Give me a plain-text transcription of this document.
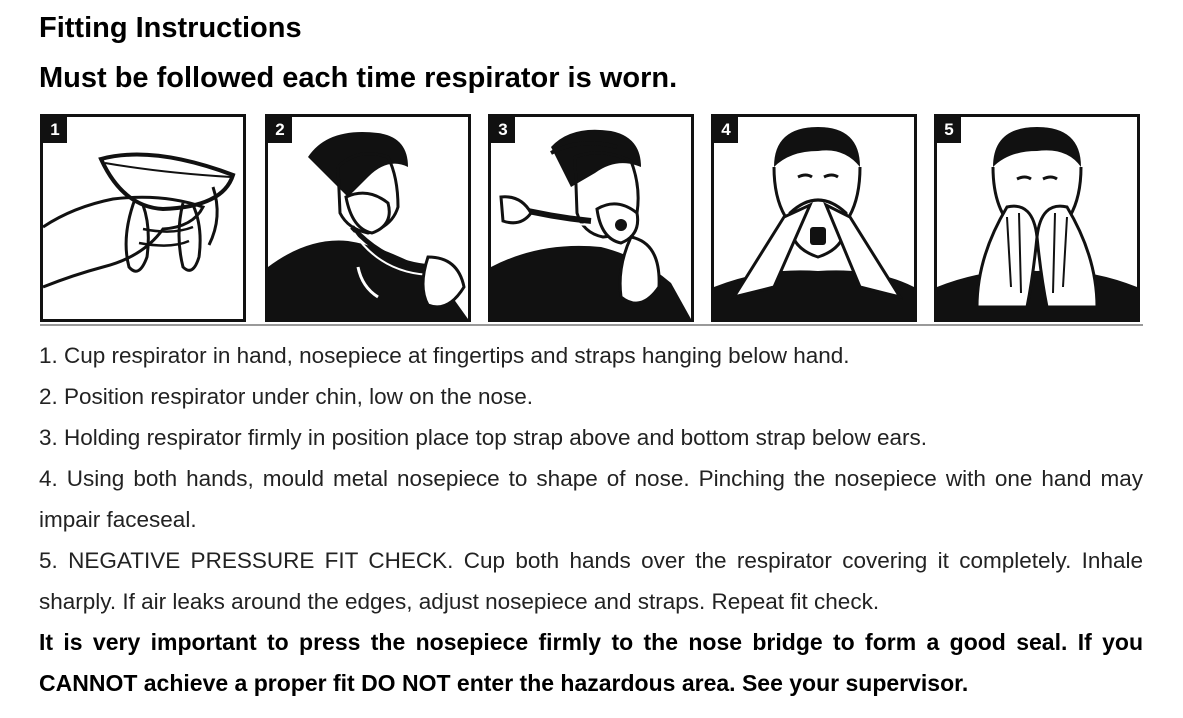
Fitting Instructions
Must be followed each time respirator is worn.
1	2	3	4	5

1. Cup respirator in hand, nosepiece at fingertips and straps hanging below hand.

2. Position respirator under chin, low on the nose.

3. Holding respirator firmly in position place top strap above and bottom strap below ears.

4. Using both hands, mould metal nosepiece to shape of nose. Pinching the nosepiece with one hand may impair faceseal.

5. NEGATIVE PRESSURE FIT CHECK. Cup both hands over the respirator covering it completely. Inhale sharply. If air leaks around the edges, adjust nosepiece and straps. Repeat fit check.

It is very important to press the nosepiece firmly to the nose bridge to form a good seal. If you CANNOT achieve a proper fit DO NOT enter the hazardous area. See your supervisor.
